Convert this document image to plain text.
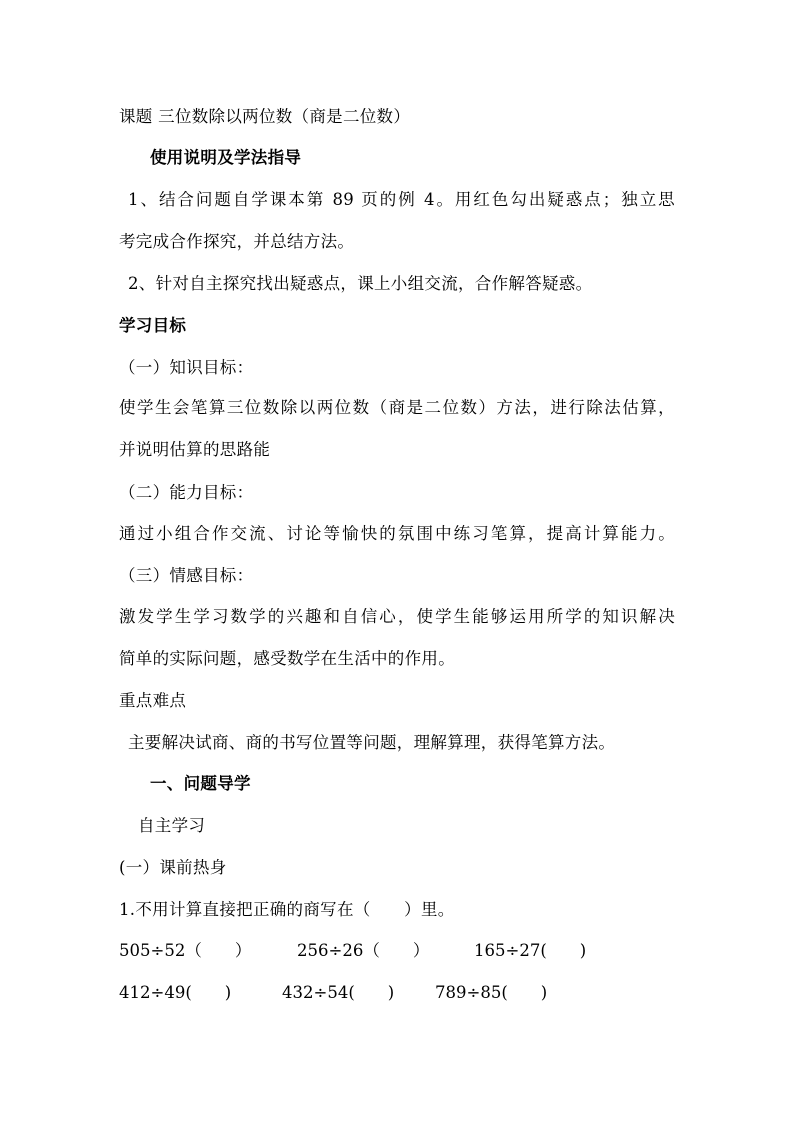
课题 三位数除以两位数（商是二位数）
使用说明及学法指导
1、结合问题自学课本第 89 页的例 4。用红色勾出疑惑点；独立思
考完成合作探究，并总结方法。
2、针对自主探究找出疑惑点，课上小组交流，合作解答疑惑。
学习目标
（一）知识目标：
使学生会笔算三位数除以两位数（商是二位数）方法，进行除法估算，
并说明估算的思路能
（二）能力目标：
通过小组合作交流、讨论等愉快的氛围中练习笔算，提高计算能力。
（三）情感目标：
激发学生学习数学的兴趣和自信心，使学生能够运用所学的知识解决
简单的实际问题，感受数学在生活中的作用。
重点难点
主要解决试商、商的书写位置等问题，理解算理，获得笔算方法。
一、问题导学
自主学习
(一）课前热身
1.不用计算直接把正确的商写在（　　）里。
505÷52（　　）	256÷26（　　）	165÷27(　　)
412÷49(　　)	432÷54(　　) 789÷85(　　)
